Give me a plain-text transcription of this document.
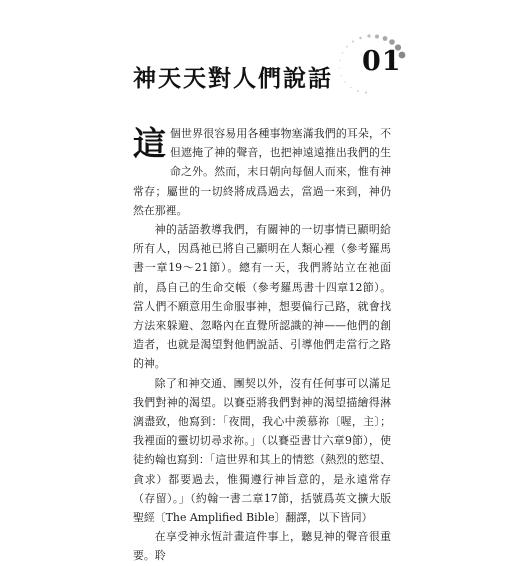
神天天對人們說話
01

這個世界很容易用各種事物塞滿我們的耳朵，不但遮掩了神的聲音，也把神遠遠推出我們的生命之外。然而，末日朝向每個人而來，惟有神常存；屬世的一切終將成爲過去，當過一來到，神仍然在那裡。

神的話語教導我們，有關神的一切事情已顯明給所有人，因爲祂已將自己顯明在人類心裡（參考羅馬書一章19～21節）。總有一天，我們將站立在祂面前，爲自己的生命交帳（參考羅馬書十四章12節）。當人們不願意用生命服事神，想要偏行己路，就會找方法來躲避、忽略內在直覺所認識的神——他們的創造者，也就是渴望對他們說話、引導他們走當行之路的神。

除了和神交通、團契以外，沒有任何事可以滿足我們對神的渴望。以賽亞將我們對神的渴望描繪得淋漓盡致，他寫到：「夜間，我心中羨慕祢〔喔，主〕；我裡面的靈切切尋求祢。」（以賽亞書廿六章9節），使徒約翰也寫到：「這世界和其上的情慾（熱烈的慾望、貪求）都要過去，惟獨遵行神旨意的，是永遠常存（存留）。」（約翰一書二章17節，括號爲英文擴大版聖經〔The Amplified Bible〕翻譯，以下皆同）

在享受神永恆計畫這件事上，聽見神的聲音很重要。聆
